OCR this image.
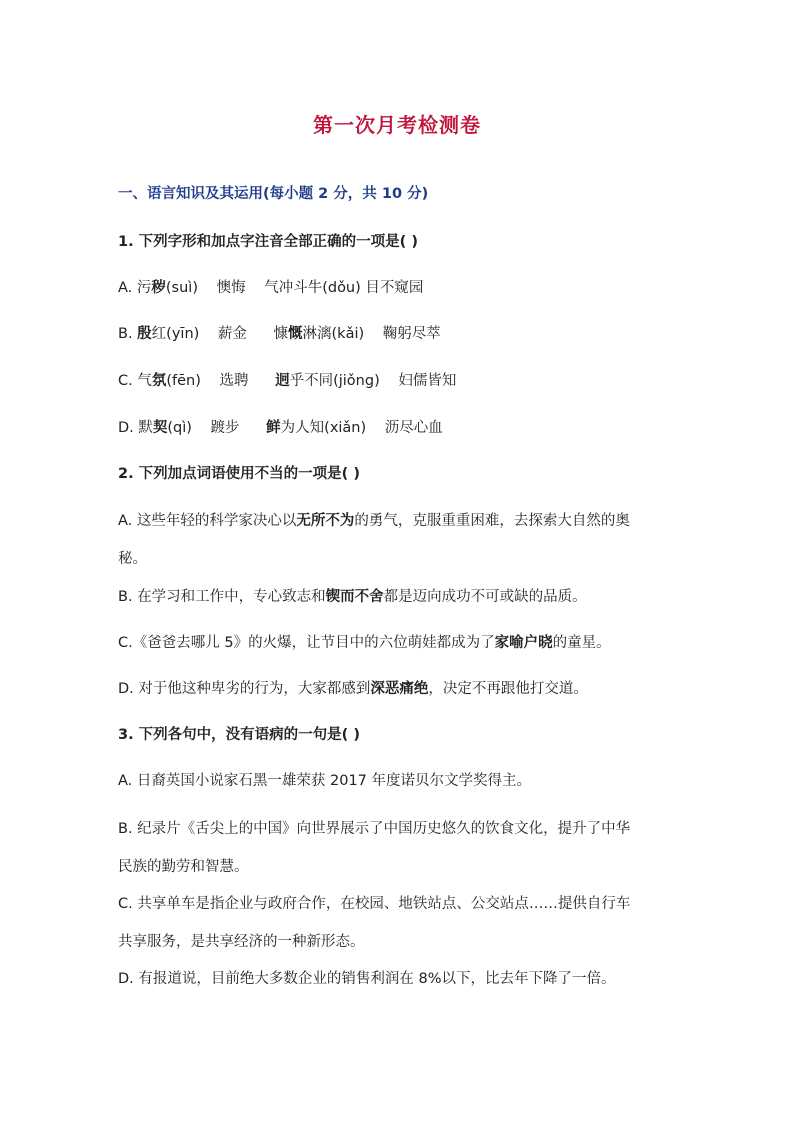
第一次月考检测卷
一、语言知识及其运用(每小题 2 分，共 10 分)
1. 下列字形和加点字注音全部正确的一项是( )
A. 污秽(suì) 懊悔 气冲斗牛(dǒu) 目不窥园
B. 殷红(yīn) 薪金 慷慨淋漓(kǎi) 鞠躬尽萃
C. 气氛(fēn) 选聘 迥乎不同(jiǒng) 妇儒皆知
D. 默契(qì) 踱步 鲜为人知(xiǎn) 沥尽心血
2. 下列加点词语使用不当的一项是( )
A. 这些年轻的科学家决心以无所不为的勇气，克服重重困难，去探索大自然的奥
秘。
B. 在学习和工作中，专心致志和锲而不舍都是迈向成功不可或缺的品质。
C.《爸爸去哪儿 5》的火爆，让节目中的六位萌娃都成为了家喻户晓的童星。
D. 对于他这种卑劣的行为，大家都感到深恶痛绝，决定不再跟他打交道。
3. 下列各句中，没有语病的一句是( )
A. 日裔英国小说家石黑一雄荣获 2017 年度诺贝尔文学奖得主。
B. 纪录片《舌尖上的中国》向世界展示了中国历史悠久的饮食文化，提升了中华
民族的勤劳和智慧。
C. 共享单车是指企业与政府合作，在校园、地铁站点、公交站点……提供自行车
共享服务，是共享经济的一种新形态。
D. 有报道说，目前绝大多数企业的销售利润在 8%以下，比去年下降了一倍。
